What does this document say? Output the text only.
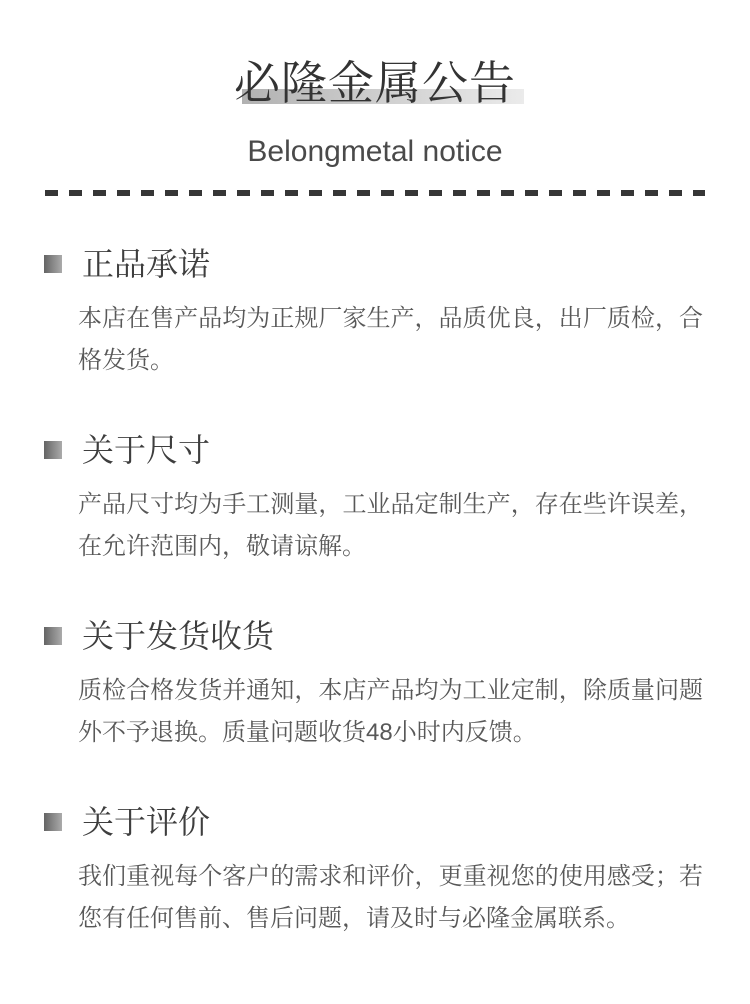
必隆金属公告
Belongmetal notice
正品承诺

本店在售产品均为正规厂家生产，品质优良，出厂质检，合格发货。

关于尺寸

产品尺寸均为手工测量，工业品定制生产，存在些许误差，在允许范围内，敬请谅解。

关于发货收货

质检合格发货并通知，本店产品均为工业定制，除质量问题外不予退换。质量问题收货48小时内反馈。

关于评价

我们重视每个客户的需求和评价，更重视您的使用感受；若您有任何售前、售后问题，请及时与必隆金属联系。
